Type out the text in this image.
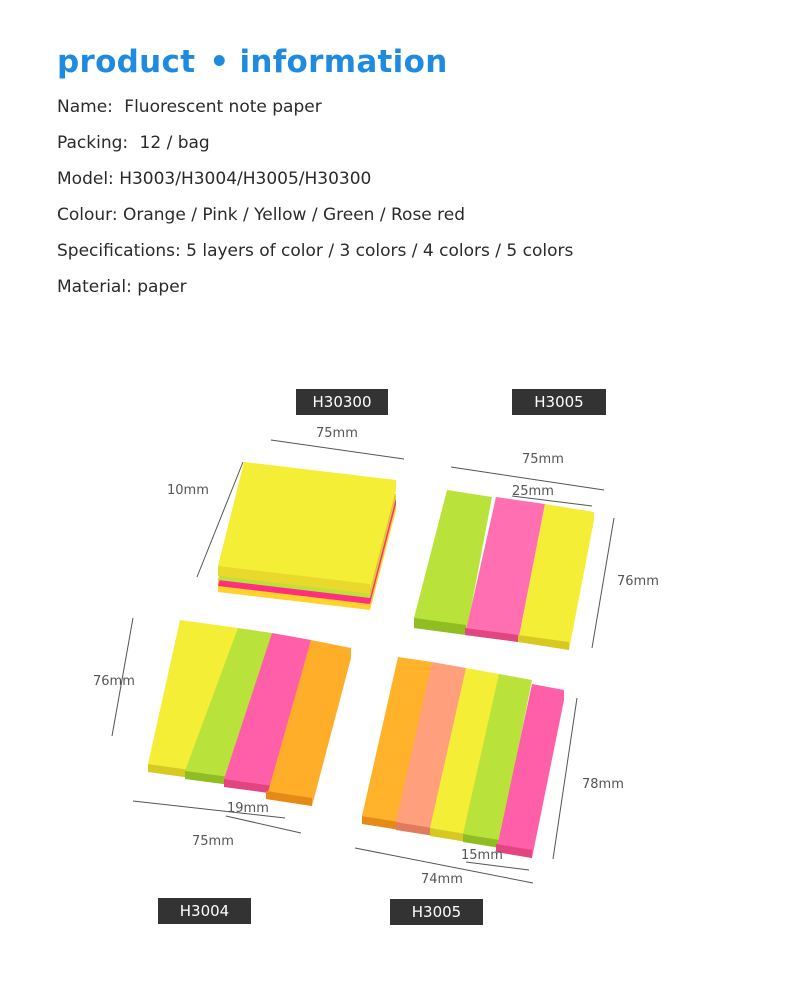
product • information
Name: Fluorescent note paper
Packing: 12 / bag
Model: H3003/H3004/H3005/H30300
Colour: Orange / Pink / Yellow / Green / Rose red
Specifications: 5 layers of color / 3 colors / 4 colors / 5 colors
Material: paper
H30300	H3005
H3004	H3005
75mm
10mm
75mm
25mm
76mm
76mm
19mm
75mm
78mm
15mm
74mm
